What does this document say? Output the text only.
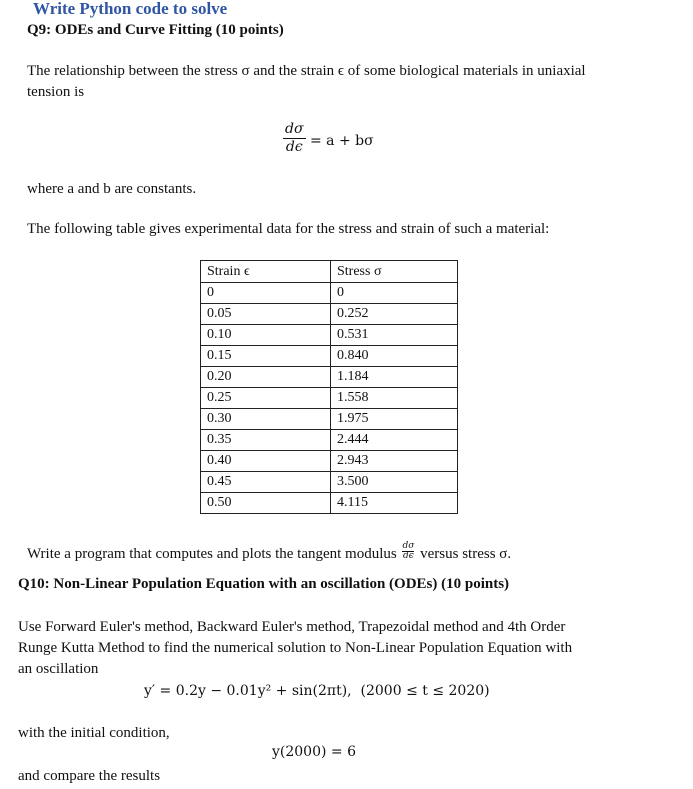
Write Python code to solve
Q9: ODEs and Curve Fitting (10 points)
The relationship between the stress σ and the strain ϵ of some biological materials in uniaxial
tension is
$\frac{d\sigma}{d\epsilon} = a + b\sigma$
where a and b are constants.
The following table gives experimental data for the stress and strain of such a material:
Strain ϵ	Stress σ
0	0
0.05	0.252
0.10	0.531
0.15	0.840
0.20	1.184
0.25	1.558
0.30	1.975
0.35	2.444
0.40	2.943
0.45	3.500
0.50	4.115
Write a program that computes and plots the tangent modulus $\frac{d\sigma}{d\epsilon}$ versus stress σ.
Q10: Non-Linear Population Equation with an oscillation (ODEs) (10 points)
Use Forward Euler's method, Backward Euler's method, Trapezoidal method and 4th Order
Runge Kutta Method to find the numerical solution to Non-Linear Population Equation with
an oscillation
y′ = 0.2y − 0.01y² + sin(2πt),  (2000 ≤ t ≤ 2020)
with the initial condition,
y(2000) = 6
and compare the results
